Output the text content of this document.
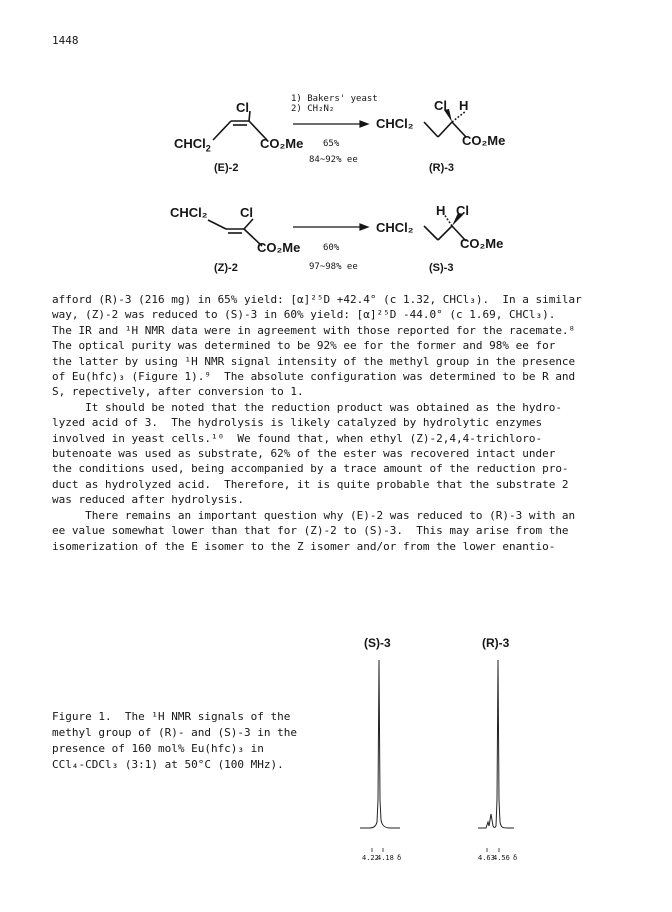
1448
Cl
CHCl$_2$	CO₂Me
(E)-2
1) Bakers' yeast
2) CH₂N₂
65%
84~92% ee
Cl H
CHCl₂
CO₂Me
(R)-3
CHCl₂ Cl
CO₂Me
(Z)-2
60%
97~98% ee
H Cl
CHCl₂
CO₂Me
(S)-3

afford (R)-3 (216 mg) in 65% yield: [α]²⁵D +42.4° (c 1.32, CHCl₃).  In a similar

way, (Z)-2 was reduced to (S)-3 in 60% yield: [α]²⁵D -44.0° (c 1.69, CHCl₃).

The IR and ¹H NMR data were in agreement with those reported for the racemate.⁸

The optical purity was determined to be 92% ee for the former and 98% ee for

the latter by using ¹H NMR signal intensity of the methyl group in the presence

of Eu(hfc)₃ (Figure 1).⁹  The absolute configuration was determined to be R and

S, repectively, after conversion to 1.

It should be noted that the reduction product was obtained as the hydro-

lyzed acid of 3.  The hydrolysis is likely catalyzed by hydrolytic enzymes

involved in yeast cells.¹⁰  We found that, when ethyl (Z)-2,4,4-trichloro-

butenoate was used as substrate, 62% of the ester was recovered intact under

the conditions used, being accompanied by a trace amount of the reduction pro-

duct as hydrolyzed acid.  Therefore, it is quite probable that the substrate 2

was reduced after hydrolysis.

There remains an important question why (E)-2 was reduced to (R)-3 with an

ee value somewhat lower than that for (Z)-2 to (S)-3.  This may arise from the

isomerization of the E isomer to the Z isomer and/or from the lower enantio-

Figure 1.  The ¹H NMR signals of the

methyl group of (R)- and (S)-3 in the

presence of 160 mol% Eu(hfc)₃ in

CCl₄-CDCl₃ (3:1) at 50°C (100 MHz).

(S)-3	(R)-3
4.22
4.18 δ	4.63
4.56 δ
